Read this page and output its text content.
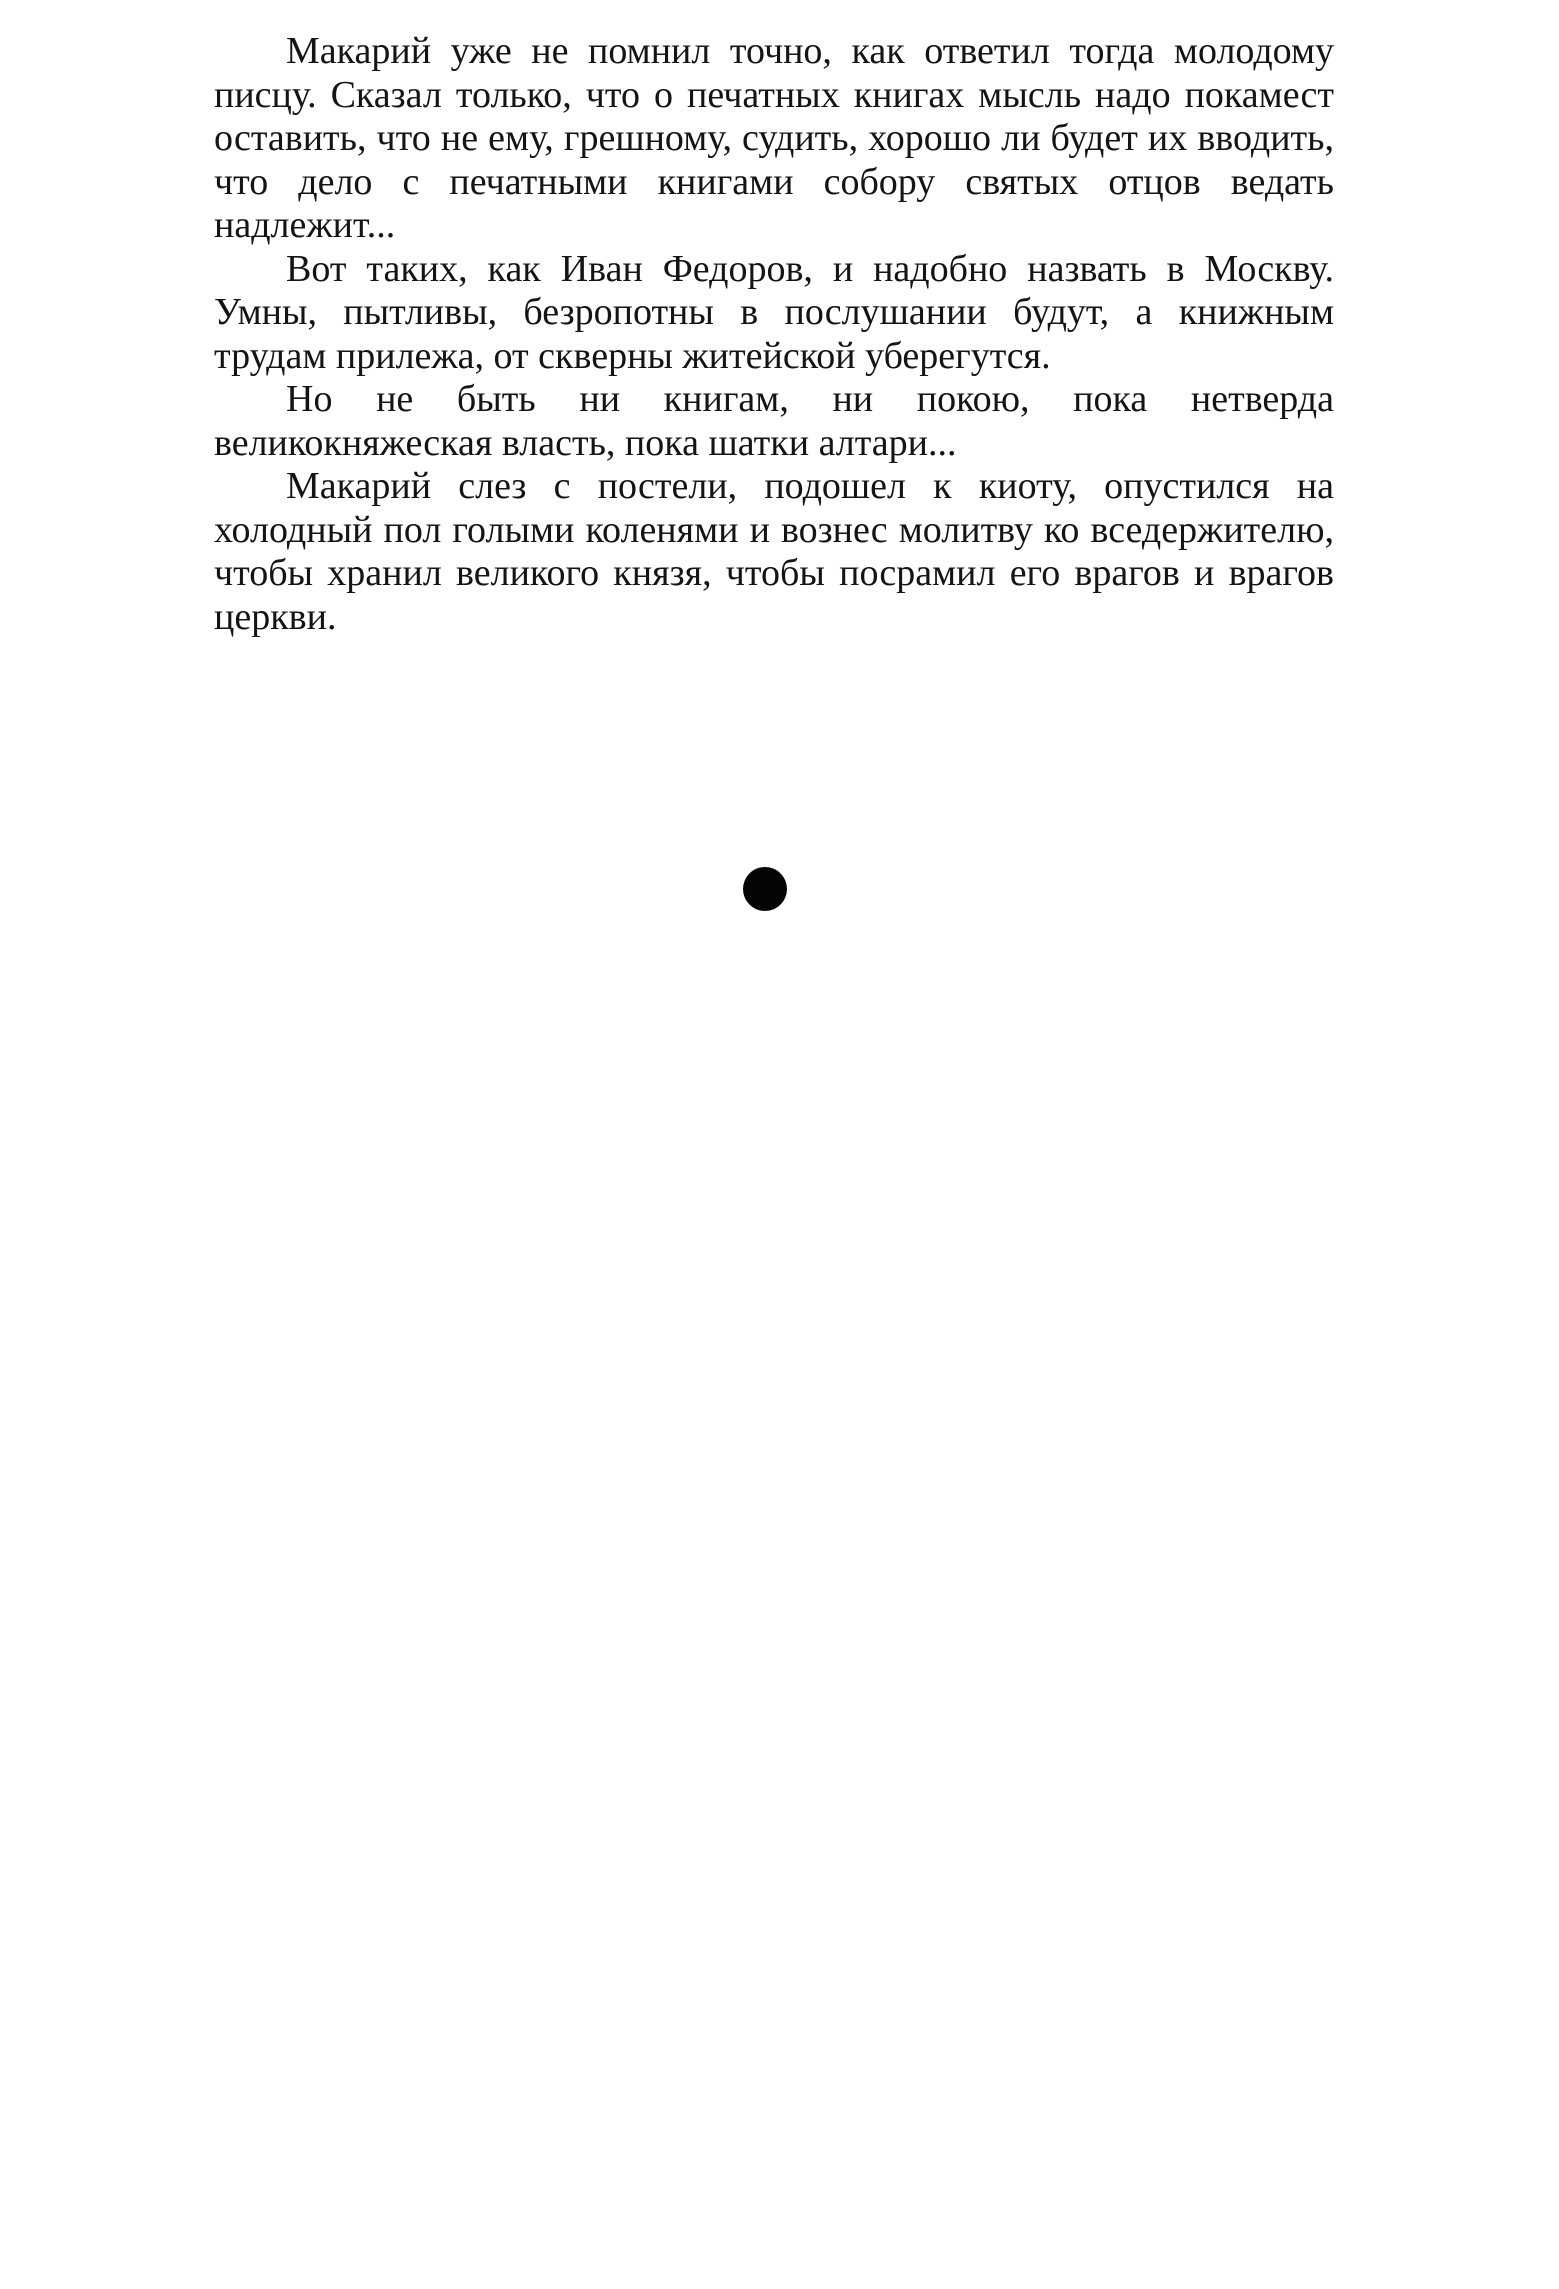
Макарий уже не помнил точно, как ответил тогда молодому писцу. Сказал только, что о печатных книгах мысль надо покамест оставить, что не ему, грешному, судить, хорошо ли будет их вводить, что дело с печатными книгами собору святых отцов ведать надлежит...

Вот таких, как Иван Федоров, и надобно назвать в Москву. Умны, пытливы, безропотны в послушании будут, а книжным трудам прилежа, от скверны житейской уберегутся.

Но не быть ни книгам, ни покою, пока нетверда великокняжеская власть, пока шатки алтари...

Макарий слез с постели, подошел к киоту, опустился на холодный пол голыми коленями и вознес молитву ко вседержителю, чтобы хранил великого князя, чтобы посрамил его врагов и врагов церкви.
